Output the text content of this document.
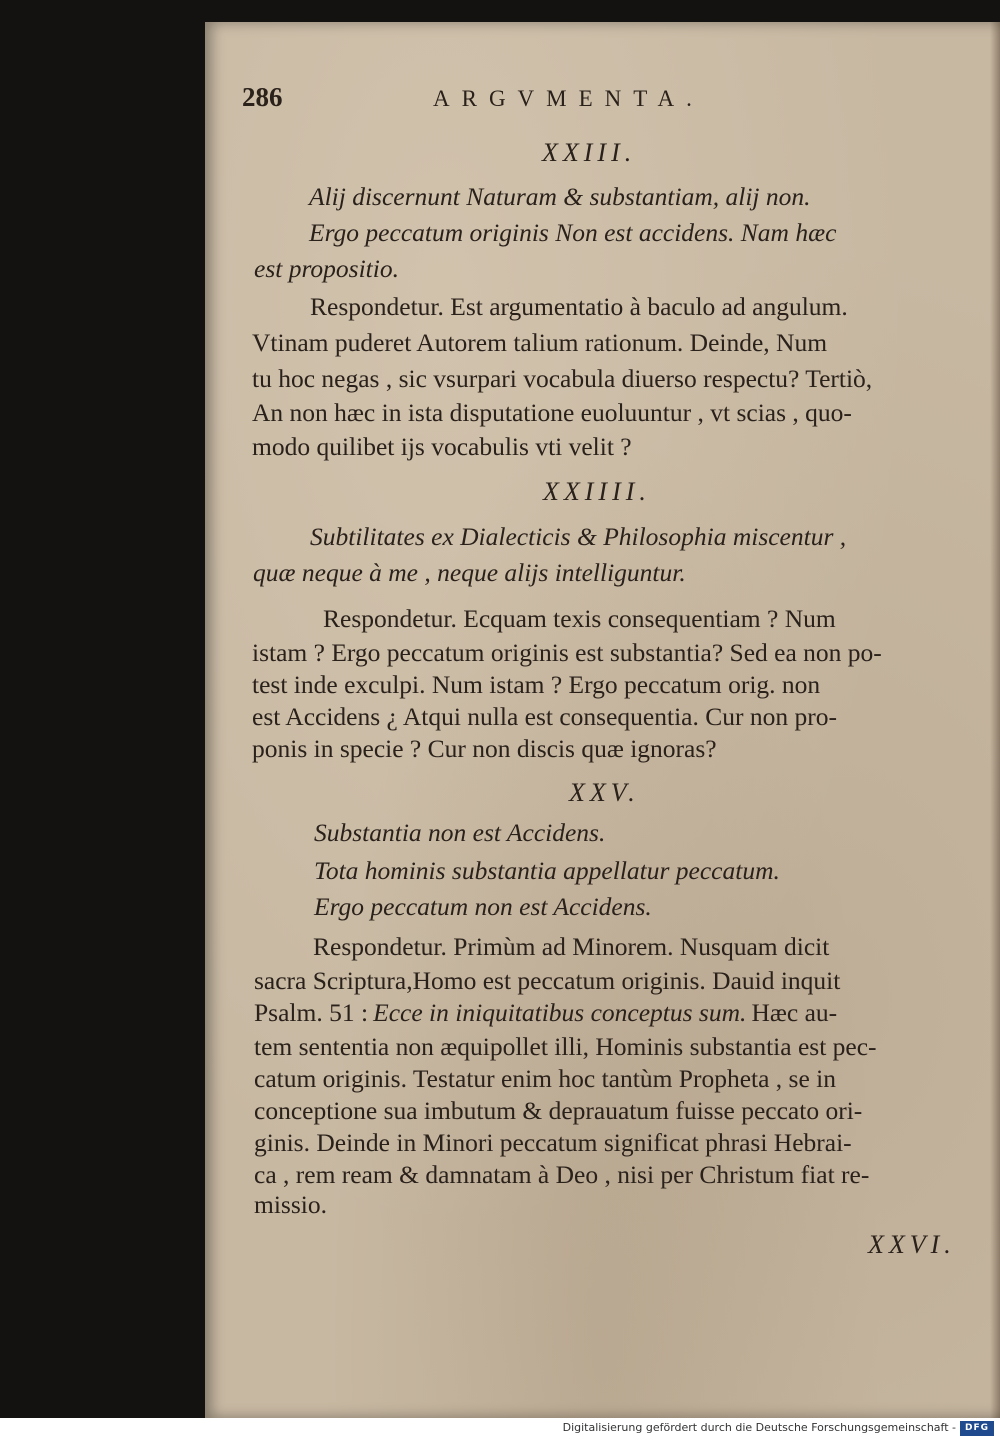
286	ARGVMENTA.
XXIII.
Alij discernunt Naturam & substantiam, alij non.
Ergo peccatum originis Non est accidens. Nam hæc
est propositio.
Respondetur. Est argumentatio à baculo ad angulum.
Vtinam puderet Autorem talium rationum. Deinde, Num
tu hoc negas , sic vsurpari vocabula diuerso respectu? Tertiò,
An non hæc in ista disputatione euoluuntur , vt scias , quo-
modo quilibet ijs vocabulis vti velit ?
XXIIII.
Subtilitates ex Dialecticis & Philosophia miscentur ,
quæ neque à me , neque alijs intelliguntur.
Respondetur. Ecquam texis consequentiam ? Num
istam ? Ergo peccatum originis est substantia? Sed ea non po-
test inde exculpi. Num istam ? Ergo peccatum orig. non
est Accidens ¿ Atqui nulla est consequentia. Cur non pro-
ponis in specie ? Cur non discis quæ ignoras?
XXV.
Substantia non est Accidens.
Tota hominis substantia appellatur peccatum.
Ergo peccatum non est Accidens.
Respondetur. Primùm ad Minorem. Nusquam dicit
sacra Scriptura,Homo est peccatum originis. Dauid inquit
Psalm. 51 : Ecce in iniquitatibus conceptus sum. Hæc au-
tem sententia non æquipollet illi, Hominis substantia est pec-
catum originis. Testatur enim hoc tantùm Propheta , se in
conceptione sua imbutum & deprauatum fuisse peccato ori-
ginis. Deinde in Minori peccatum significat phrasi Hebrai-
ca , rem ream & damnatam à Deo , nisi per Christum fiat re-
missio.
XXVI.
Digitalisierung gefördert durch die Deutsche Forschungsgemeinschaft - DFG
